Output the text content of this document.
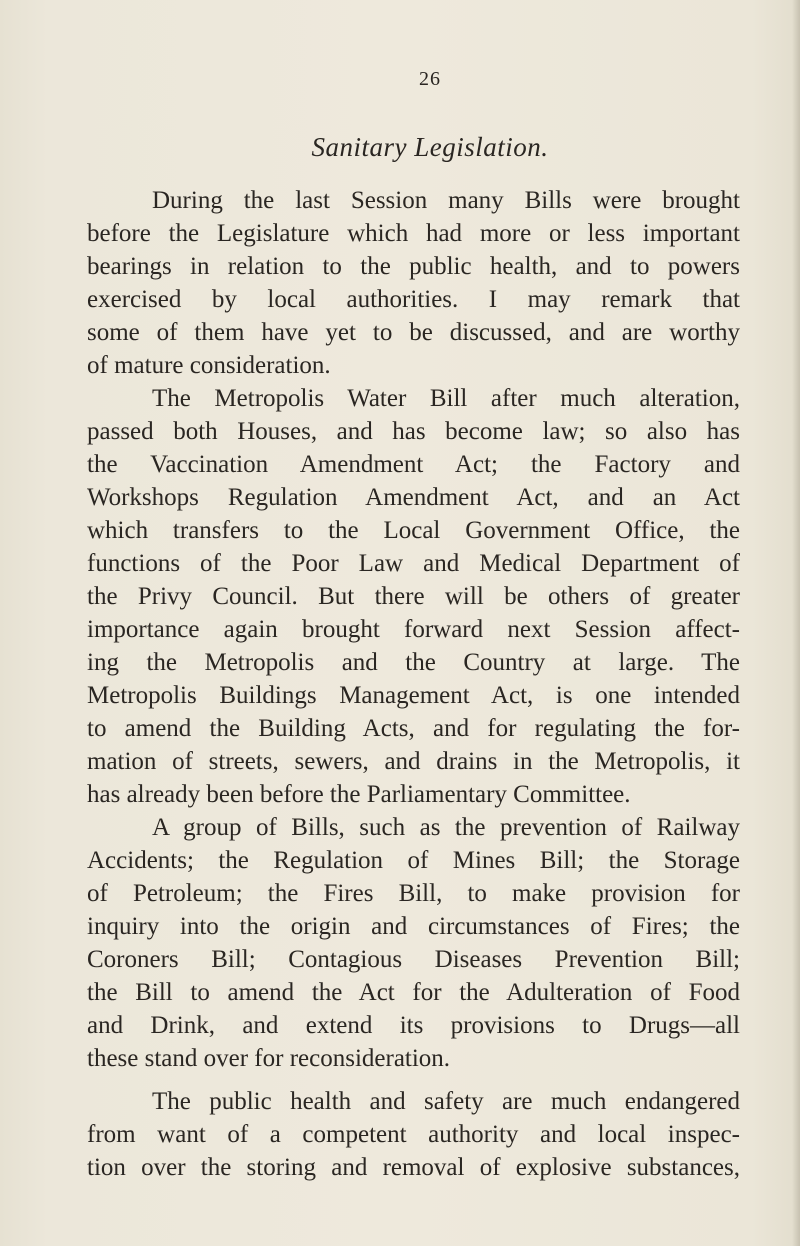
26
Sanitary Legislation.
During the last Session many Bills were brought
before the Legislature which had more or less important
bearings in relation to the public health, and to powers
exercised by local authorities. I may remark that
some of them have yet to be discussed, and are worthy
of mature consideration.
The Metropolis Water Bill after much alteration,
passed both Houses, and has become law; so also has
the Vaccination Amendment Act; the Factory and
Workshops Regulation Amendment Act, and an Act
which transfers to the Local Government Office, the
functions of the Poor Law and Medical Department of
the Privy Council. But there will be others of greater
importance again brought forward next Session affect-
ing the Metropolis and the Country at large. The
Metropolis Buildings Management Act, is one intended
to amend the Building Acts, and for regulating the for-
mation of streets, sewers, and drains in the Metropolis, it
has already been before the Parliamentary Committee.
A group of Bills, such as the prevention of Railway
Accidents; the Regulation of Mines Bill; the Storage
of Petroleum; the Fires Bill, to make provision for
inquiry into the origin and circumstances of Fires; the
Coroners Bill; Contagious Diseases Prevention Bill;
the Bill to amend the Act for the Adulteration of Food
and Drink, and extend its provisions to Drugs—all
these stand over for reconsideration.
The public health and safety are much endangered
from want of a competent authority and local inspec-
tion over the storing and removal of explosive substances,
